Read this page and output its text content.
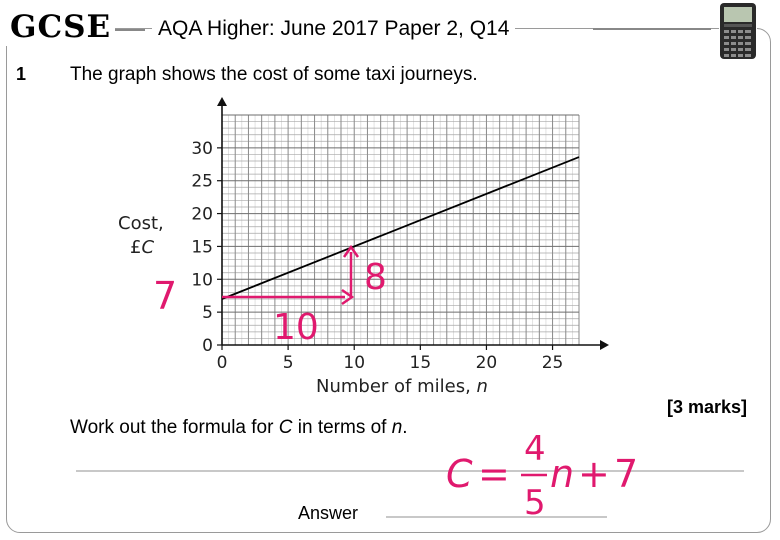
GCSE AQA Higher: June 2017 Paper 2, Q14
1 The graph shows the cost of some taxi journeys.
0	5	10	15	20	25
0
5
10
15
20
25
30
Number of miles, n
Cost,
£C
7
10
8
[3 marks]
Work out the formula for C in terms of n.
Answer
C =
4
5
n + 7
